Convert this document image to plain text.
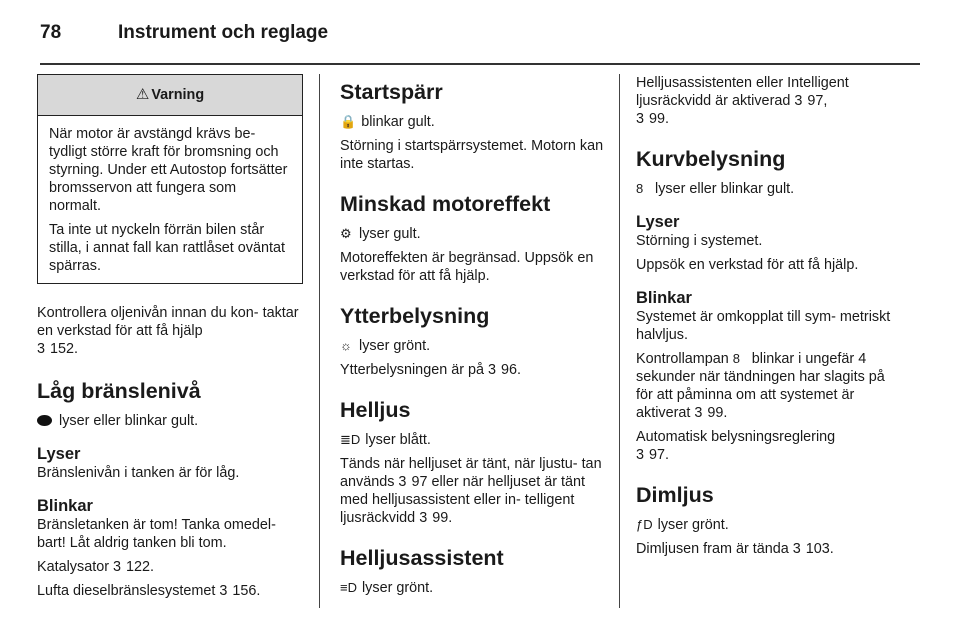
78	Instrument och reglage
⚠ Varning

När motor är avstängd krävs be- tydligt större kraft för bromsning och styrning. Under ett Autostop fortsätter bromsservon att fungera som normalt.

Ta inte ut nyckeln förrän bilen står stilla, i annat fall kan rattlåset oväntat spärras.

Kontrollera oljenivån innan du kon- taktar en verkstad för att få hjälp
3 152.

Låg bränslenivå

lyser eller blinkar gult.

Lyser

Bränslenivån i tanken är för låg.

Blinkar

Bränsletanken är tom! Tanka omedel- bart! Låt aldrig tanken bli tom.

Katalysator 3 122.

Lufta dieselbränslesystemet 3 156.

Startspärr

🔒 blinkar gult.

Störning i startspärrsystemet. Motorn kan inte startas.

Minskad motoreffekt

⚙ lyser gult.

Motoreffekten är begränsad. Uppsök en verkstad för att få hjälp.

Ytterbelysning

☼ lyser grönt.

Ytterbelysningen är på 3 96.

Helljus

≣D lyser blått.

Tänds när helljuset är tänt, när ljustu- tan används 3 97 eller när helljuset är tänt med helljusassistent eller in- telligent ljusräckvidd 3 99.

Helljusassistent

≡D lyser grönt.

Helljusassistenten eller Intelligent ljusräckvidd är aktiverad 3 97,
3 99.

Kurvbelysning

8 lyser eller blinkar gult.

Lyser

Störning i systemet.

Uppsök en verkstad för att få hjälp.

Blinkar

Systemet är omkopplat till sym- metriskt halvljus.

Kontrollampan 8 blinkar i ungefär 4 sekunder när tändningen har slagits på för att påminna om att systemet är aktiverat 3 99.

Automatisk belysningsreglering
3 97.

Dimljus

ƒD lyser grönt.

Dimljusen fram är tända 3 103.
